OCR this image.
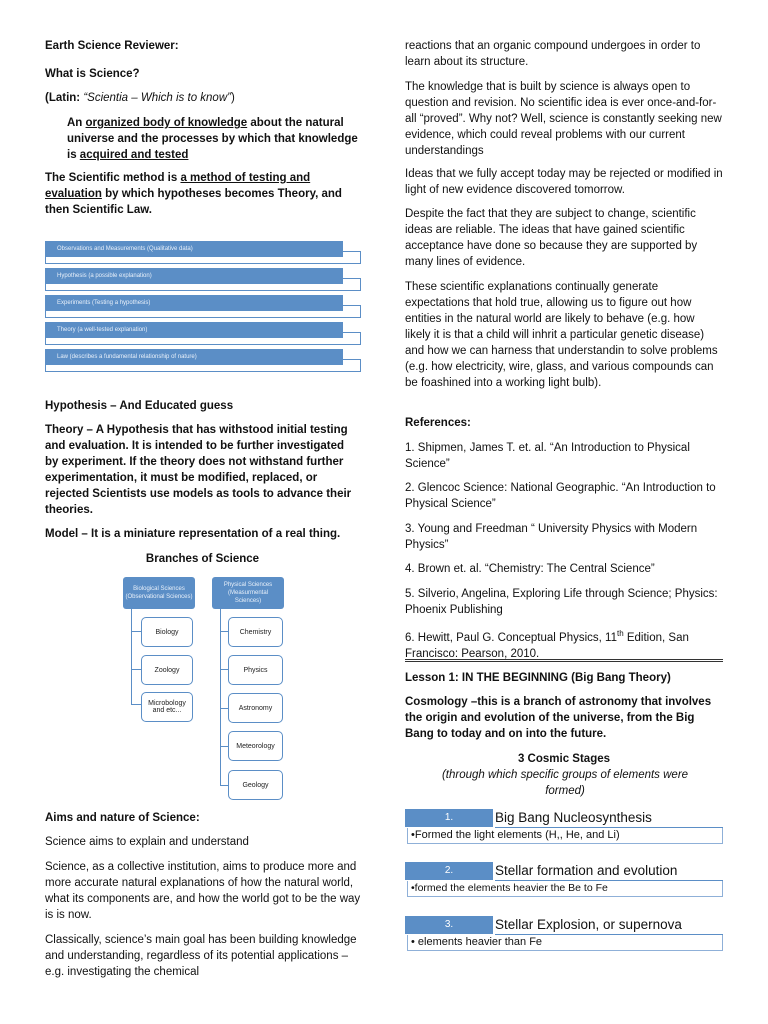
Earth Science Reviewer:

What is Science?

(Latin: “Scientia – Which is to know”)

An organized body of knowledge about the natural universe and the processes by which that knowledge is acquired and tested

The Scientific method is a method of testing and evaluation by which hypotheses becomes Theory, and then Scientific Law.

Observations and Measurements (Qualitative data)
Hypothesis (a possible explanation)
Experiments (Testing a hypothesis)
Theory (a well-tested explanation)
Law (describes a fundamental relationship of nature)

Hypothesis – And Educated guess

Theory – A Hypothesis that has withstood initial testing and evaluation. It is intended to be further investigated by experiment. If the theory does not withstand further experimentation, it must be modified, replaced, or rejected Scientists use models as tools to advance their theories.

Model – It is a miniature representation of a real thing.

Branches of Science

Biological Sciences (Observational Sciences)
Physical Sciences (Measurmental Sciences)
Biology
Zoology
Microbology and etc...
Chemistry
Physics
Astronomy
Meteorology
Geology

Aims and nature of Science:

Science aims to explain and understand

Science, as a collective institution, aims to produce more and more accurate natural explanations of how the natural world, what its components are, and how the world got to be the way is is now.

Classically, science’s main goal has been building knowledge and understanding, regardless of its potential applications – e.g. investigating the chemical

reactions that an organic compound undergoes in order to learn about its structure.

The knowledge that is built by science is always open to question and revision. No scientific idea is ever once-and-for-all “proved”. Why not? Well, science is constantly seeking new evidence, which could reveal problems with our current understandings

Ideas that we fully accept today may be rejected or modified in light of new evidence discovered tomorrow.

Despite the fact that they are subject to change, scientific ideas are reliable. The ideas that have gained scientific acceptance have done so because they are supported by many lines of evidence.

These scientific explanations continually generate expectations that hold true, allowing us to figure out how entities in the natural world are likely to behave (e.g. how likely it is that a child will inhrit a particular genetic disease) and how we can harness that understandin to solve problems (e.g. how electricity, wire, glass, and various compounds can be foashined into a working light bulb).

References:

1. Shipmen, James T. et. al. “An Introduction to Physical Science”

2. Glencoc Science: National Geographic. “An Introduction to Physical Science”

3. Young and Freedman “ University Physics with Modern Physics”

4. Brown et. al. “Chemistry: The Central Science”

5. Silverio, Angelina, Exploring Life through Science; Physics: Phoenix Publishing

6. Hewitt, Paul G. Conceptual Physics, 11th Edition, San Francisco: Pearson, 2010.

Lesson 1: IN THE BEGINNING (Big Bang Theory)

Cosmology –this is a branch of astronomy that involves the origin and evolution of the universe, from the Big Bang to today and on into the future.

3 Cosmic Stages

(through which specific groups of elements were formed)

1.	Big Bang Nucleosynthesis
•Formed the light elements (H,, He, and Li)
2.	Stellar formation and evolution
•formed the elements heavier the Be to Fe
3.	Stellar Explosion, or supernova
• elements heavier than Fe
